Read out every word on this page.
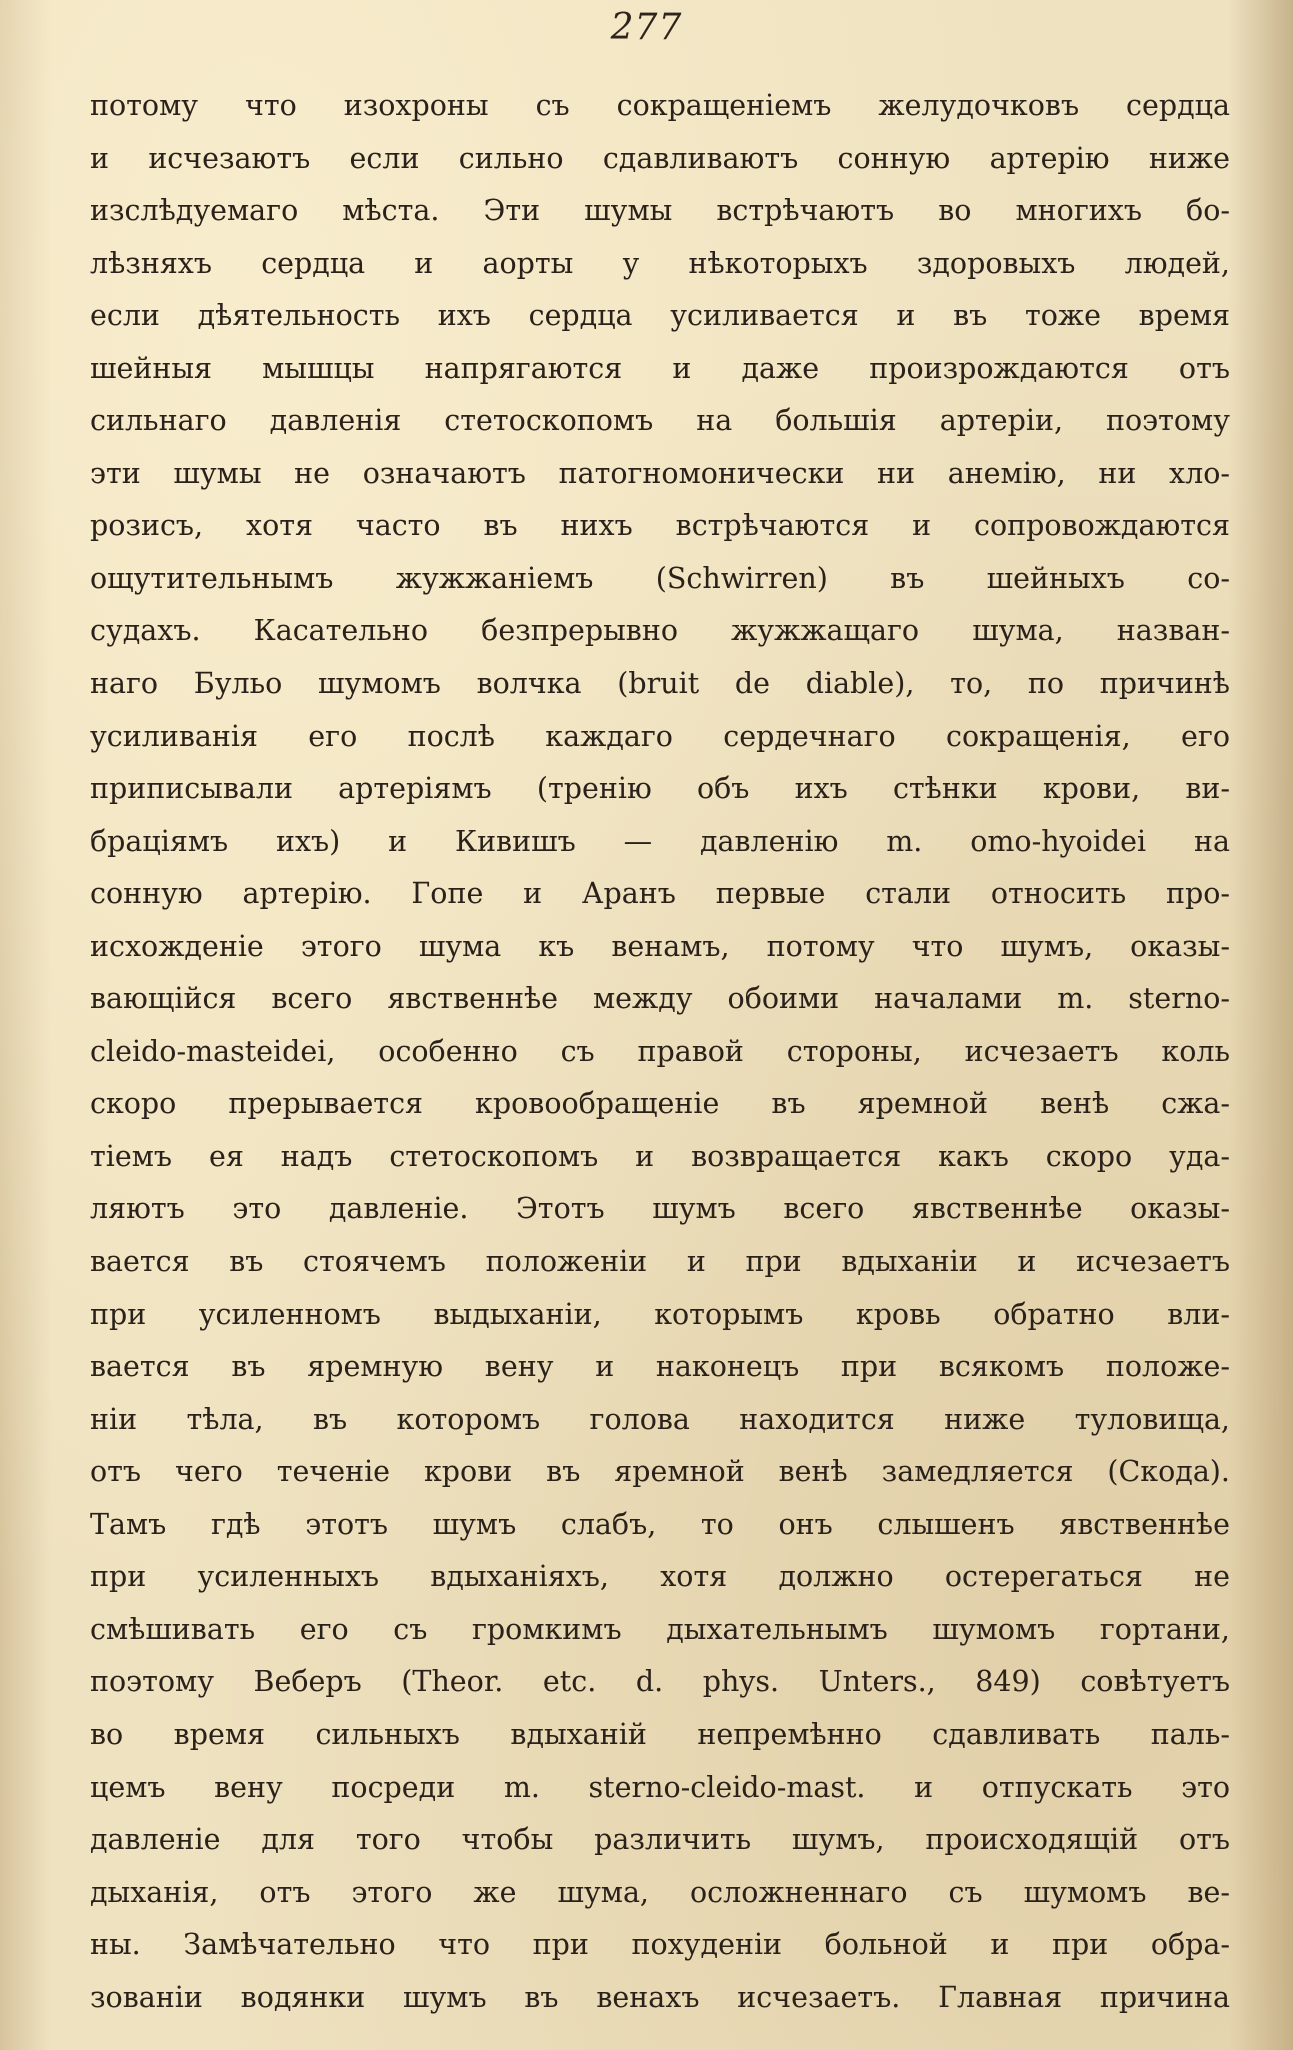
277
потому что изохроны съ сокращеніемъ желудочковъ сердца
и исчезаютъ если сильно сдавливаютъ сонную артерію ниже
изслѣдуемаго мѣста. Эти шумы встрѣчаютъ во многихъ бо-
лѣзняхъ сердца и аорты у нѣкоторыхъ здоровыхъ людей,
если дѣятельность ихъ сердца усиливается и въ тоже время
шейныя мышцы напрягаются и даже произрождаются отъ
сильнаго давленія стетоскопомъ на большія артеріи, поэтому
эти шумы не означаютъ патогномонически ни анемію, ни хло-
розисъ, хотя часто въ нихъ встрѣчаются и сопровождаются
ощутительнымъ жужжаніемъ (Schwirren) въ шейныхъ со-
судахъ. Касательно безпрерывно жужжащаго шума, назван-
наго Бульо шумомъ волчка (bruit de diable), то, по причинѣ
усиливанія его послѣ каждаго сердечнаго сокращенія, его
приписывали артеріямъ (тренію объ ихъ стѣнки крови, ви-
браціямъ ихъ) и Кивишъ — давленію m. omo-hyoidei на
сонную артерію. Гопе и Аранъ первые стали относить про-
исхожденіе этого шума къ венамъ, потому что шумъ, оказы-
вающійся всего явственнѣе между обоими началами m. sterno-
cleido-masteidei, особенно съ правой стороны, исчезаетъ коль
скоро прерывается кровообращеніе въ яремной венѣ сжа-
тіемъ ея надъ стетоскопомъ и возвращается какъ скоро уда-
ляютъ это давленіе. Этотъ шумъ всего явственнѣе оказы-
вается въ стоячемъ положеніи и при вдыханіи и исчезаетъ
при усиленномъ выдыханіи, которымъ кровь обратно вли-
вается въ яремную вену и наконецъ при всякомъ положе-
ніи тѣла, въ которомъ голова находится ниже туловища,
отъ чего теченіе крови въ яремной венѣ замедляется (Скода).
Тамъ гдѣ этотъ шумъ слабъ, то онъ слышенъ явственнѣе
при усиленныхъ вдыханіяхъ, хотя должно остерегаться не
смѣшивать его съ громкимъ дыхательнымъ шумомъ гортани,
поэтому Веберъ (Theor. etc. d. phys. Unters., 849) совѣтуетъ
во время сильныхъ вдыханій непремѣнно сдавливать паль-
цемъ вену посреди m. sterno-cleido-mast. и отпускать это
давленіе для того чтобы различить шумъ, происходящій отъ
дыханія, отъ этого же шума, осложненнаго съ шумомъ ве-
ны. Замѣчательно что при похуденіи больной и при обра-
зованіи водянки шумъ въ венахъ исчезаетъ. Главная причина
